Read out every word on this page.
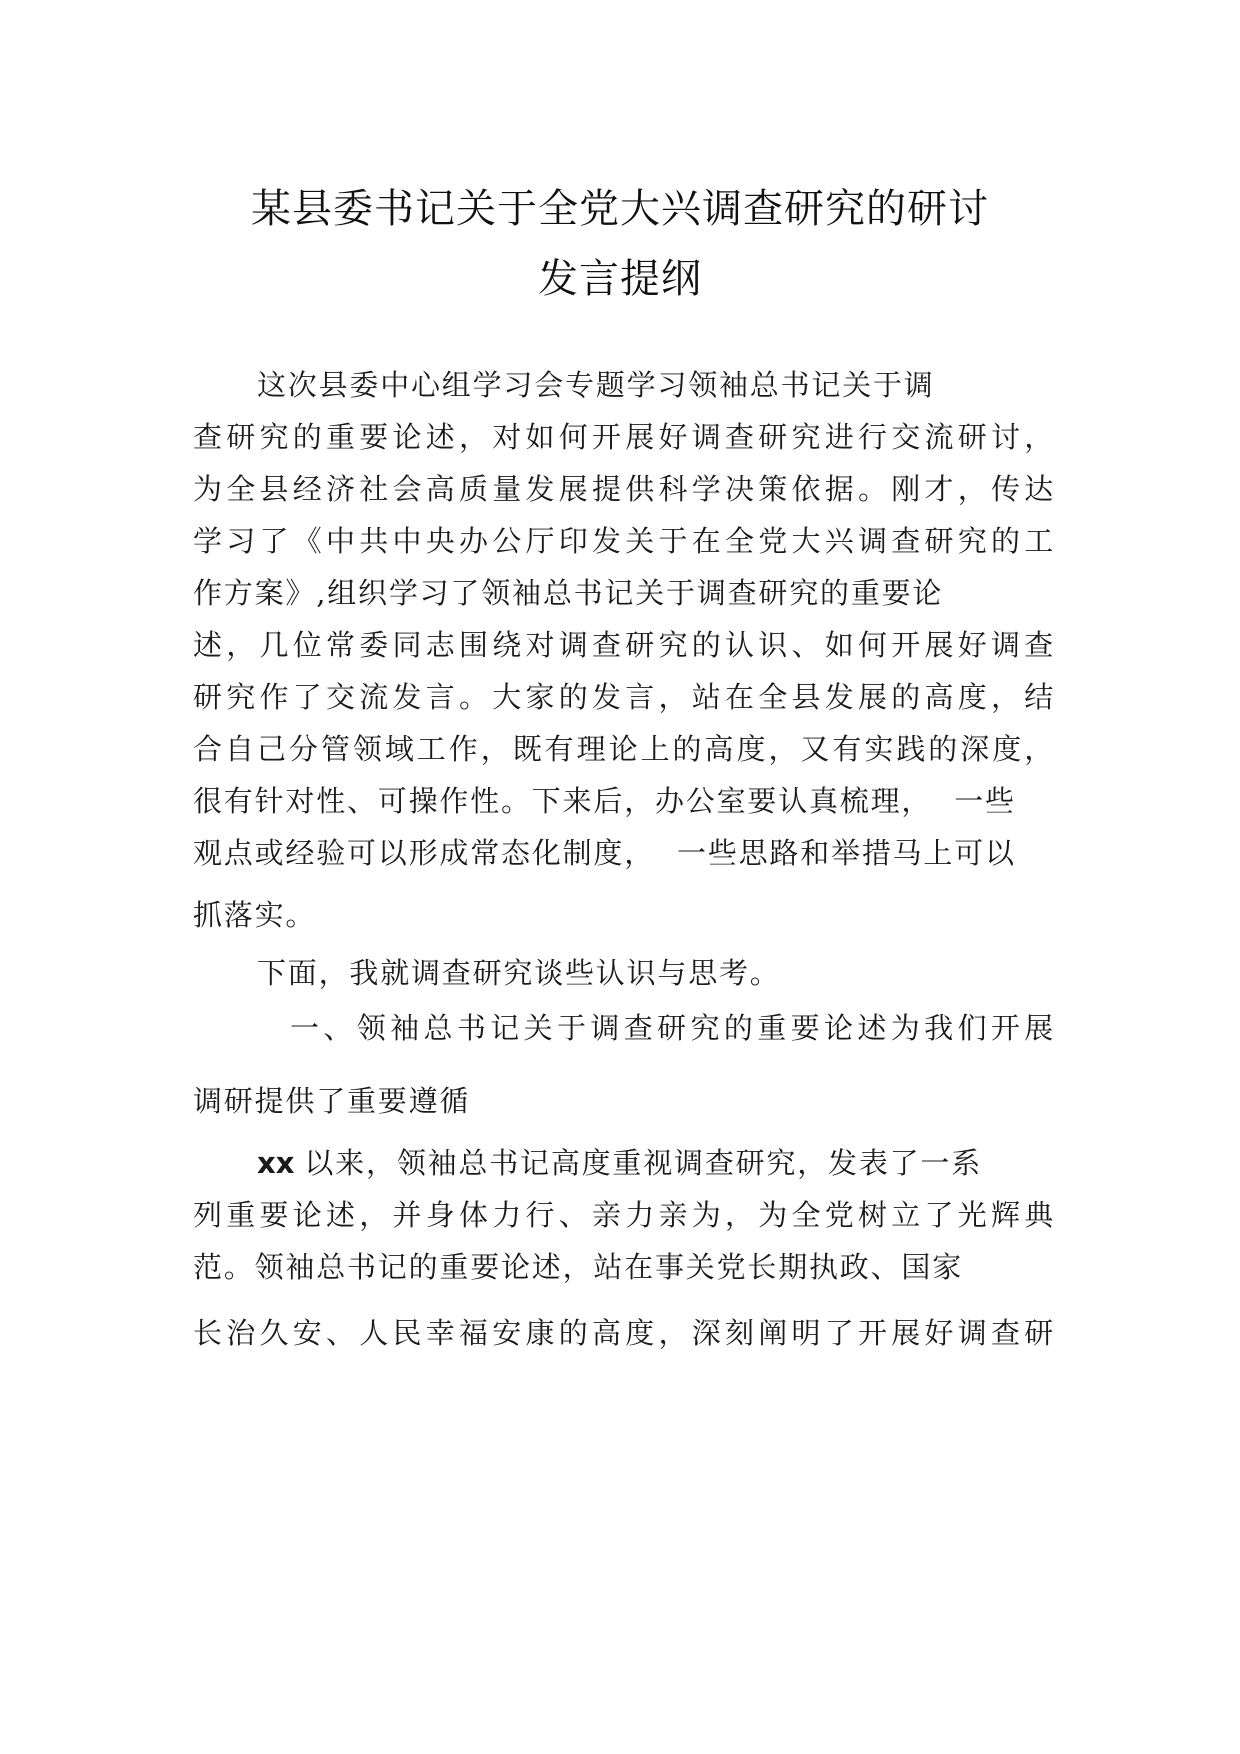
某县委书记关于全党大兴调查研究的研讨
发言提纲
这次县委中心组学习会专题学习领袖总书记关于调
查研究的重要论述，对如何开展好调查研究进行交流研讨，
为全县经济社会高质量发展提供科学决策依据。刚才，传达
学习了《中共中央办公厅印发关于在全党大兴调查研究的工
作方案》,组织学习了领袖总书记关于调查研究的重要论
述，几位常委同志围绕对调查研究的认识、如何开展好调查
研究作了交流发言。大家的发言，站在全县发展的高度，结
合自己分管领域工作，既有理论上的高度，又有实践的深度，
很有针对性、可操作性。下来后，办公室要认真梳理，  一些
观点或经验可以形成常态化制度，  一些思路和举措马上可以
抓落实。
下面，我就调查研究谈些认识与思考。
一、领袖总书记关于调查研究的重要论述为我们开展
调研提供了重要遵循
xx 以来，领袖总书记高度重视调查研究，发表了一系
列重要论述，并身体力行、亲力亲为，为全党树立了光辉典
范。领袖总书记的重要论述，站在事关党长期执政、国家
长治久安、人民幸福安康的高度，深刻阐明了开展好调查研
